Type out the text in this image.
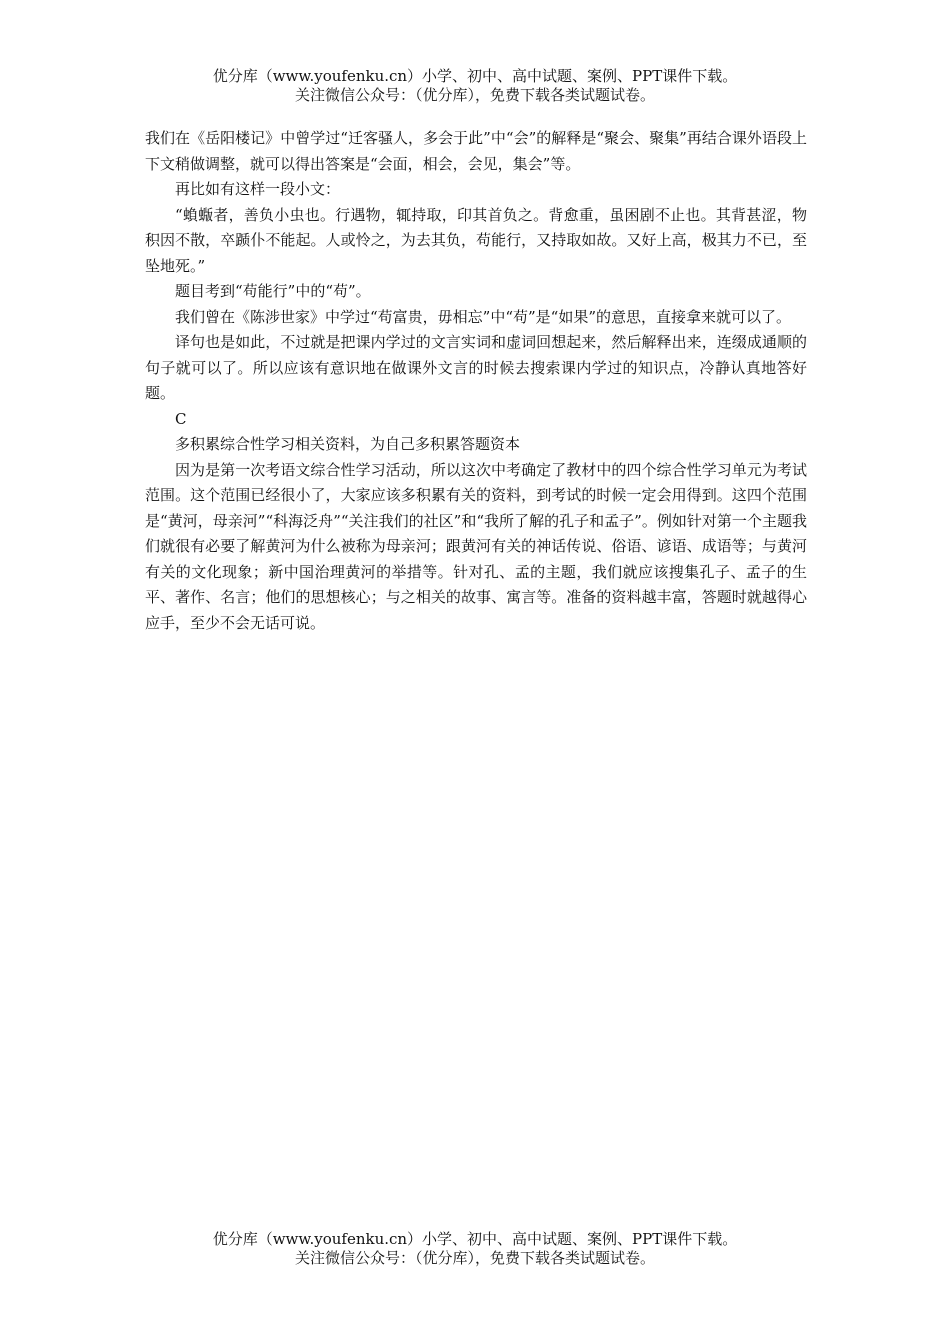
优分库（www.youfenku.cn）小学、初中、高中试题、案例、PPT课件下载。
关注微信公众号：（优分库），免费下载各类试题试卷。

我们在《岳阳楼记》中曾学过“迁客骚人，多会于此”中“会”的解释是“聚会、聚集”再结合课外语段上下文稍做调整，就可以得出答案是“会面，相会，会见，集会”等。

再比如有这样一段小文：

“蝜蝂者，善负小虫也。行遇物，辄持取，印其首负之。背愈重，虽困剧不止也。其背甚涩，物积因不散，卒踬仆不能起。人或怜之，为去其负，苟能行，又持取如故。又好上高，极其力不已，至坠地死。”

题目考到“苟能行”中的“苟”。

我们曾在《陈涉世家》中学过“苟富贵，毋相忘”中“苟”是“如果”的意思，直接拿来就可以了。

译句也是如此，不过就是把课内学过的文言实词和虚词回想起来，然后解释出来，连缀成通顺的句子就可以了。所以应该有意识地在做课外文言的时候去搜索课内学过的知识点，冷静认真地答好题。

C

多积累综合性学习相关资料，为自己多积累答题资本

因为是第一次考语文综合性学习活动，所以这次中考确定了教材中的四个综合性学习单元为考试范围。这个范围已经很小了，大家应该多积累有关的资料，到考试的时候一定会用得到。这四个范围是“黄河，母亲河”“科海泛舟”“关注我们的社区”和“我所了解的孔子和孟子”。例如针对第一个主题我们就很有必要了解黄河为什么被称为母亲河；跟黄河有关的神话传说、俗语、谚语、成语等；与黄河有关的文化现象；新中国治理黄河的举措等。针对孔、孟的主题，我们就应该搜集孔子、孟子的生平、著作、名言；他们的思想核心；与之相关的故事、寓言等。准备的资料越丰富，答题时就越得心应手，至少不会无话可说。

优分库（www.youfenku.cn）小学、初中、高中试题、案例、PPT课件下载。
关注微信公众号：（优分库），免费下载各类试题试卷。
